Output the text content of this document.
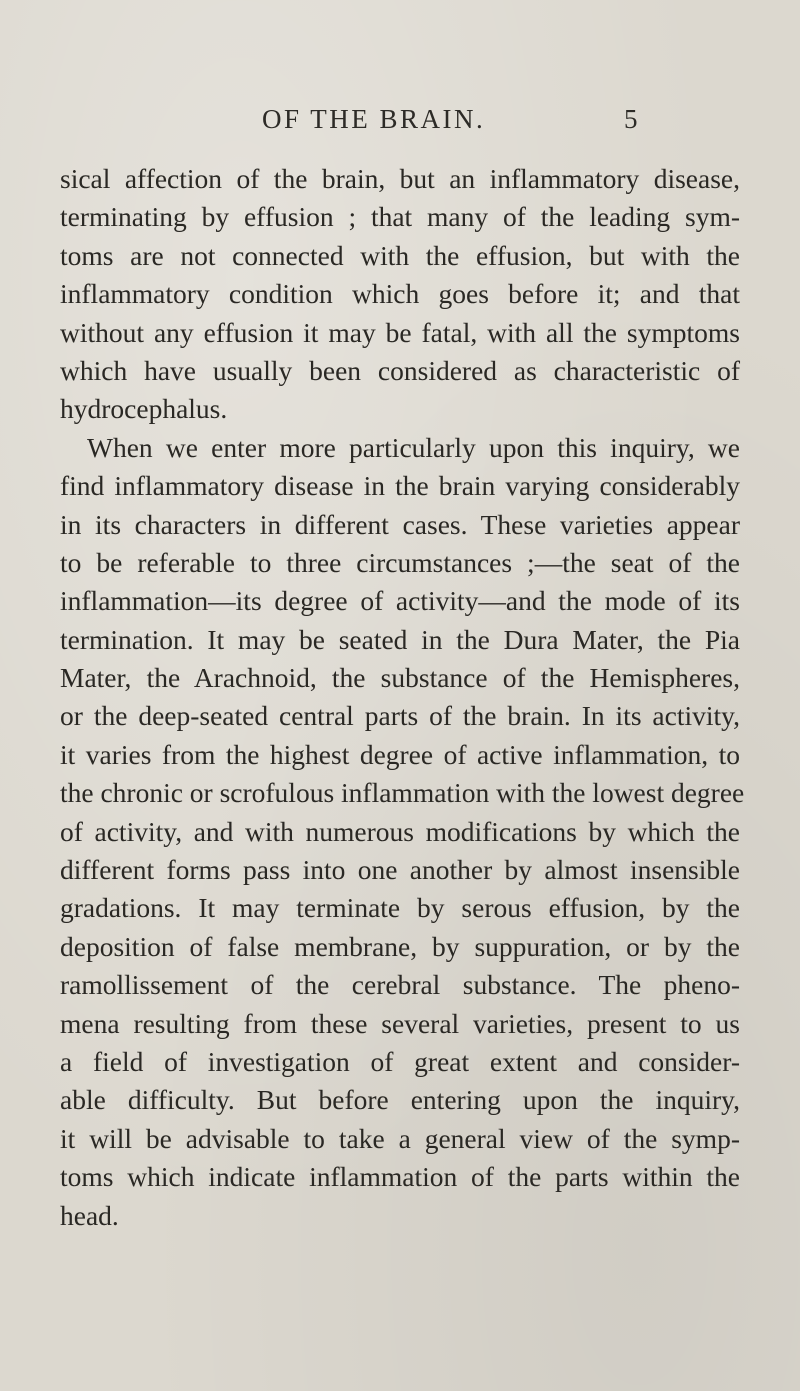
OF THE BRAIN.	5
sical affection of the brain, but an inflammatory disease,
terminating by effusion ; that many of the leading sym-
toms are not connected with the effusion, but with the
inflammatory condition which goes before it; and that
without any effusion it may be fatal, with all the symptoms
which have usually been considered as characteristic of
hydrocephalus.
When we enter more particularly upon this inquiry, we
find inflammatory disease in the brain varying considerably
in its characters in different cases. These varieties appear
to be referable to three circumstances ;—the seat of the
inflammation—its degree of activity—and the mode of its
termination. It may be seated in the Dura Mater, the Pia
Mater, the Arachnoid, the substance of the Hemispheres,
or the deep-seated central parts of the brain. In its activity,
it varies from the highest degree of active inflammation, to
the chronic or scrofulous inflammation with the lowest degree
of activity, and with numerous modifications by which the
different forms pass into one another by almost insensible
gradations. It may terminate by serous effusion, by the
deposition of false membrane, by suppuration, or by the
ramollissement of the cerebral substance. The pheno-
mena resulting from these several varieties, present to us
a field of investigation of great extent and consider-
able difficulty. But before entering upon the inquiry,
it will be advisable to take a general view of the symp-
toms which indicate inflammation of the parts within the
head.
